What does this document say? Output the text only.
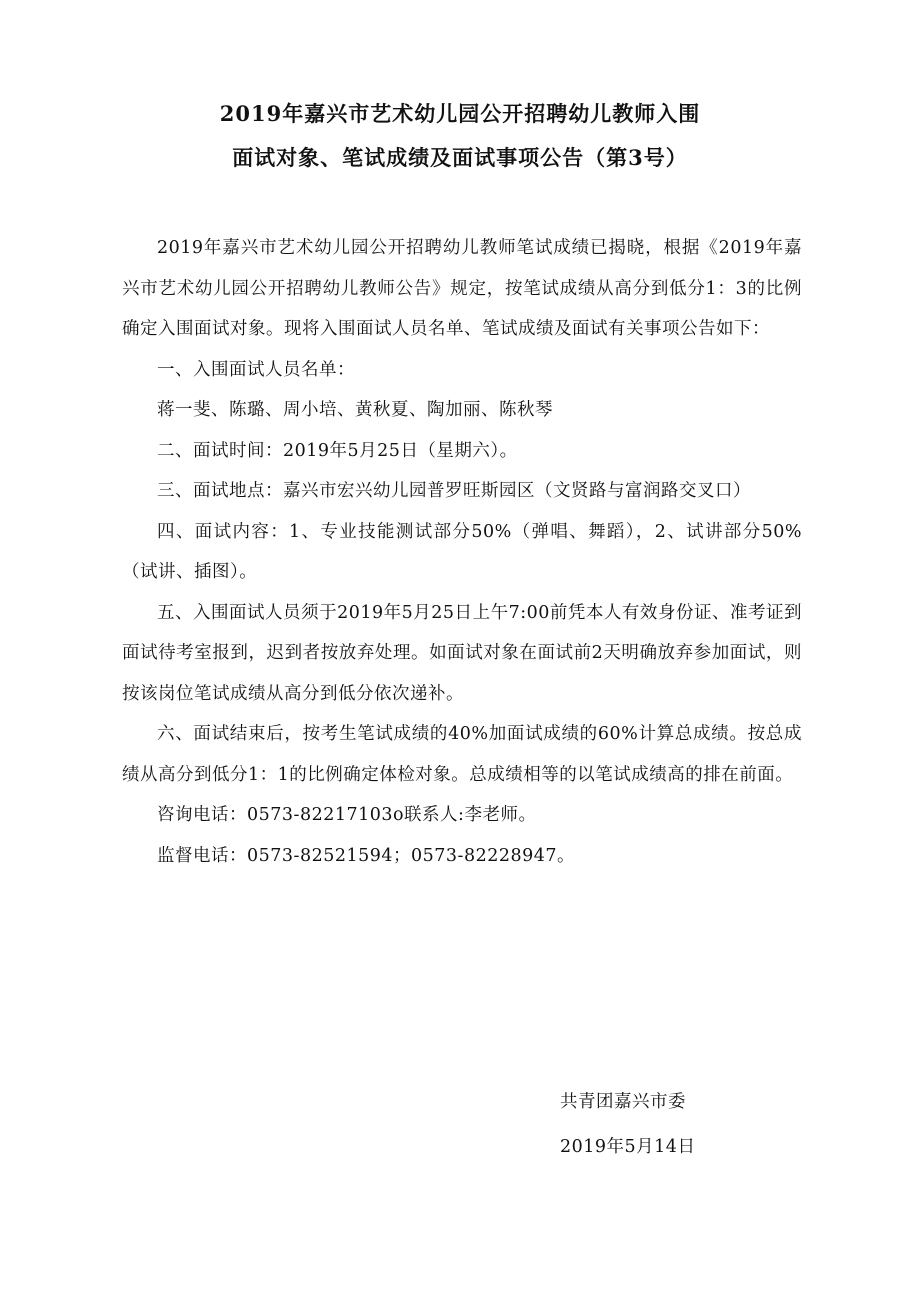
2019年嘉兴市艺术幼儿园公开招聘幼儿教师入围
面试对象、笔试成绩及面试事项公告（第3号）

2019年嘉兴市艺术幼儿园公开招聘幼儿教师笔试成绩已揭晓，根据《2019年嘉兴市艺术幼儿园公开招聘幼儿教师公告》规定，按笔试成绩从高分到低分1：3的比例确定入围面试对象。现将入围面试人员名单、笔试成绩及面试有关事项公告如下：

一、入围面试人员名单：

蒋一斐、陈璐、周小培、黄秋夏、陶加丽、陈秋琴

二、面试时间：2019年5月25日（星期六）。

三、面试地点：嘉兴市宏兴幼儿园普罗旺斯园区（文贤路与富润路交叉口）

四、面试内容：1、专业技能测试部分50%（弹唱、舞蹈），2、试讲部分50%（试讲、插图）。

五、入围面试人员须于2019年5月25日上午7:00前凭本人有效身份证、准考证到面试待考室报到，迟到者按放弃处理。如面试对象在面试前2天明确放弃参加面试，则按该岗位笔试成绩从高分到低分依次递补。

六、面试结束后，按考生笔试成绩的40%加面试成绩的60%计算总成绩。按总成绩从高分到低分1：1的比例确定体检对象。总成绩相等的以笔试成绩高的排在前面。

咨询电话：0573-82217103o联系人:李老师。

监督电话：0573-82521594；0573-82228947。

共青团嘉兴市委
2019年5月14日
